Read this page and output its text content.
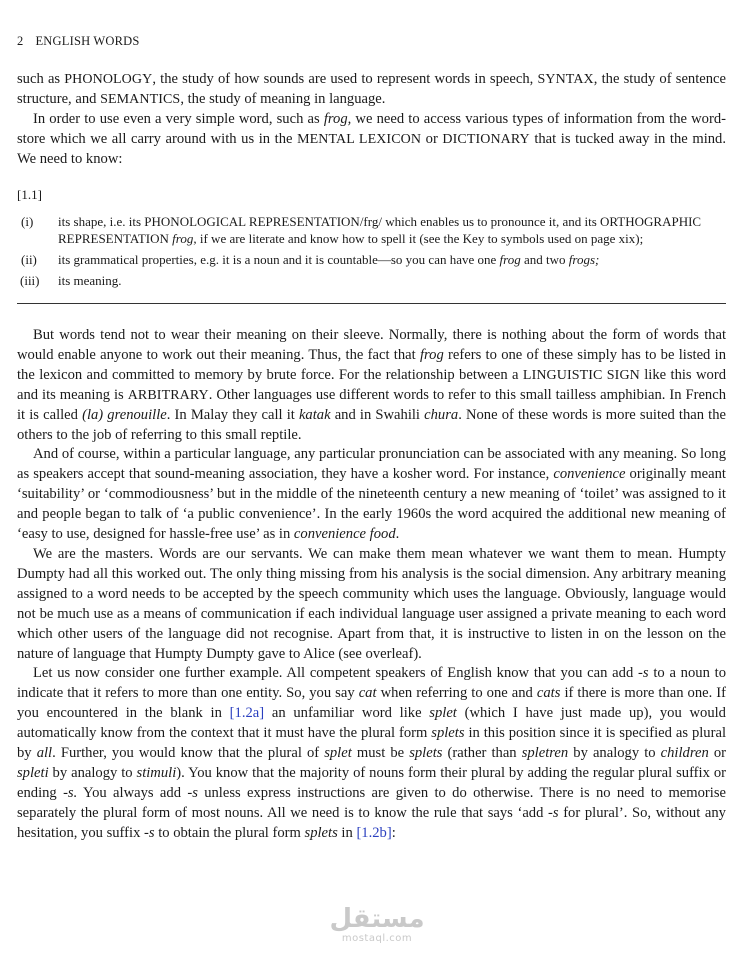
2 ENGLISH WORDS

such as PHONOLOGY, the study of how sounds are used to represent words in speech, SYNTAX, the study of sentence structure, and SEMANTICS, the study of meaning in language.

In order to use even a very simple word, such as frog, we need to access various types of information from the word-store which we all carry around with us in the MENTAL LEXICON or DICTIONARY that is tucked away in the mind. We need to know:

[1.1]
(i)	its shape, i.e. its PHONOLOGICAL REPRESENTATION/frg/ which enables us to pronounce it, and its ORTHOGRAPHIC REPRESENTATION frog, if we are literate and know how to spell it (see the Key to symbols used on page xix);
(ii)	its grammatical properties, e.g. it is a noun and it is countable—so you can have one frog and two frogs;
(iii)	its meaning.

But words tend not to wear their meaning on their sleeve. Normally, there is nothing about the form of words that would enable anyone to work out their meaning. Thus, the fact that frog refers to one of these simply has to be listed in the lexicon and committed to memory by brute force. For the relationship between a LINGUISTIC SIGN like this word and its meaning is ARBITRARY. Other languages use different words to refer to this small tailless amphibian. In French it is called (la) grenouille. In Malay they call it katak and in Swahili chura. None of these words is more suited than the others to the job of referring to this small reptile.

And of course, within a particular language, any particular pronunciation can be associated with any meaning. So long as speakers accept that sound-meaning association, they have a kosher word. For instance, convenience originally meant ‘suitability’ or ‘commodiousness’ but in the middle of the nineteenth century a new meaning of ‘toilet’ was assigned to it and people began to talk of ‘a public convenience’. In the early 1960s the word acquired the additional new meaning of ‘easy to use, designed for hassle-free use’ as in convenience food.

We are the masters. Words are our servants. We can make them mean whatever we want them to mean. Humpty Dumpty had all this worked out. The only thing missing from his analysis is the social dimension. Any arbitrary meaning assigned to a word needs to be accepted by the speech community which uses the language. Obviously, language would not be much use as a means of communication if each individual language user assigned a private meaning to each word which other users of the language did not recognise. Apart from that, it is instructive to listen in on the lesson on the nature of language that Humpty Dumpty gave to Alice (see overleaf).

Let us now consider one further example. All competent speakers of English know that you can add -s to a noun to indicate that it refers to more than one entity. So, you say cat when referring to one and cats if there is more than one. If you encountered in the blank in [1.2a] an unfamiliar word like splet (which I have just made up), you would automatically know from the context that it must have the plural form splets in this position since it is specified as plural by all. Further, you would know that the plural of splet must be splets (rather than spletren by analogy to children or spleti by analogy to stimuli). You know that the majority of nouns form their plural by adding the regular plural suffix or ending -s. You always add -s unless express instructions are given to do otherwise. There is no need to memorise separately the plural form of most nouns. All we need is to know the rule that says ‘add -s for plural’. So, without any hesitation, you suffix -s to obtain the plural form splets in [1.2b]:

مستقل
mostaql.com
